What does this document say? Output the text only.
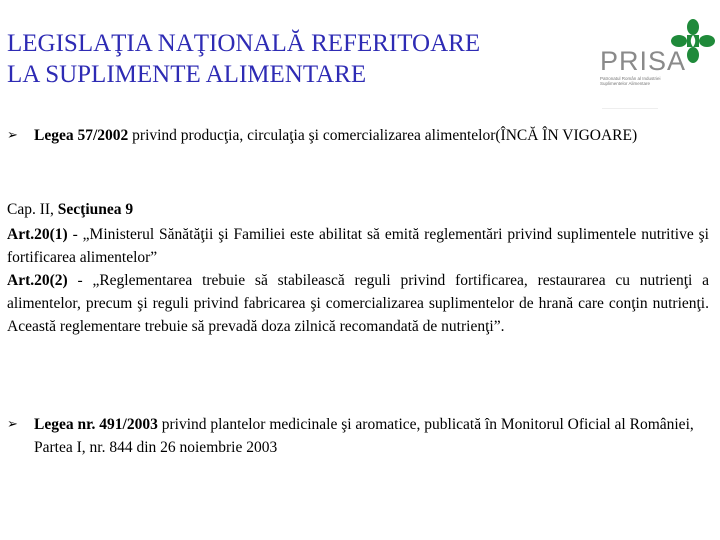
LEGISLAŢIA NAŢIONALĂ REFERITOARE
LA SUPLIMENTE ALIMENTARE	PRISA
Patronatul Român al Industriei Suplimentelor Alimentare
➢ Legea 57/2002 privind producţia, circulaţia şi comercializarea alimentelor(ÎNCĂ ÎN VIGOARE)
Cap. II, Secţiunea 9
Art.20(1) - „Ministerul Sănătăţii şi Familiei este abilitat să emită reglementări privind suplimentele nutritive şi fortificarea alimentelor”
Art.20(2) - „Reglementarea trebuie să stabilească reguli privind fortificarea, restaurarea cu nutrienţi a alimentelor, precum şi reguli privind fabricarea şi comercializarea suplimentelor de hrană care conţin nutrienţi. Această reglementare trebuie să prevadă doza zilnică recomandată de nutrienţi”.
➢ Legea nr. 491/2003 privind plantelor medicinale şi aromatice, publicată în Monitorul Oficial al României, Partea I, nr. 844 din 26 noiembrie 2003
